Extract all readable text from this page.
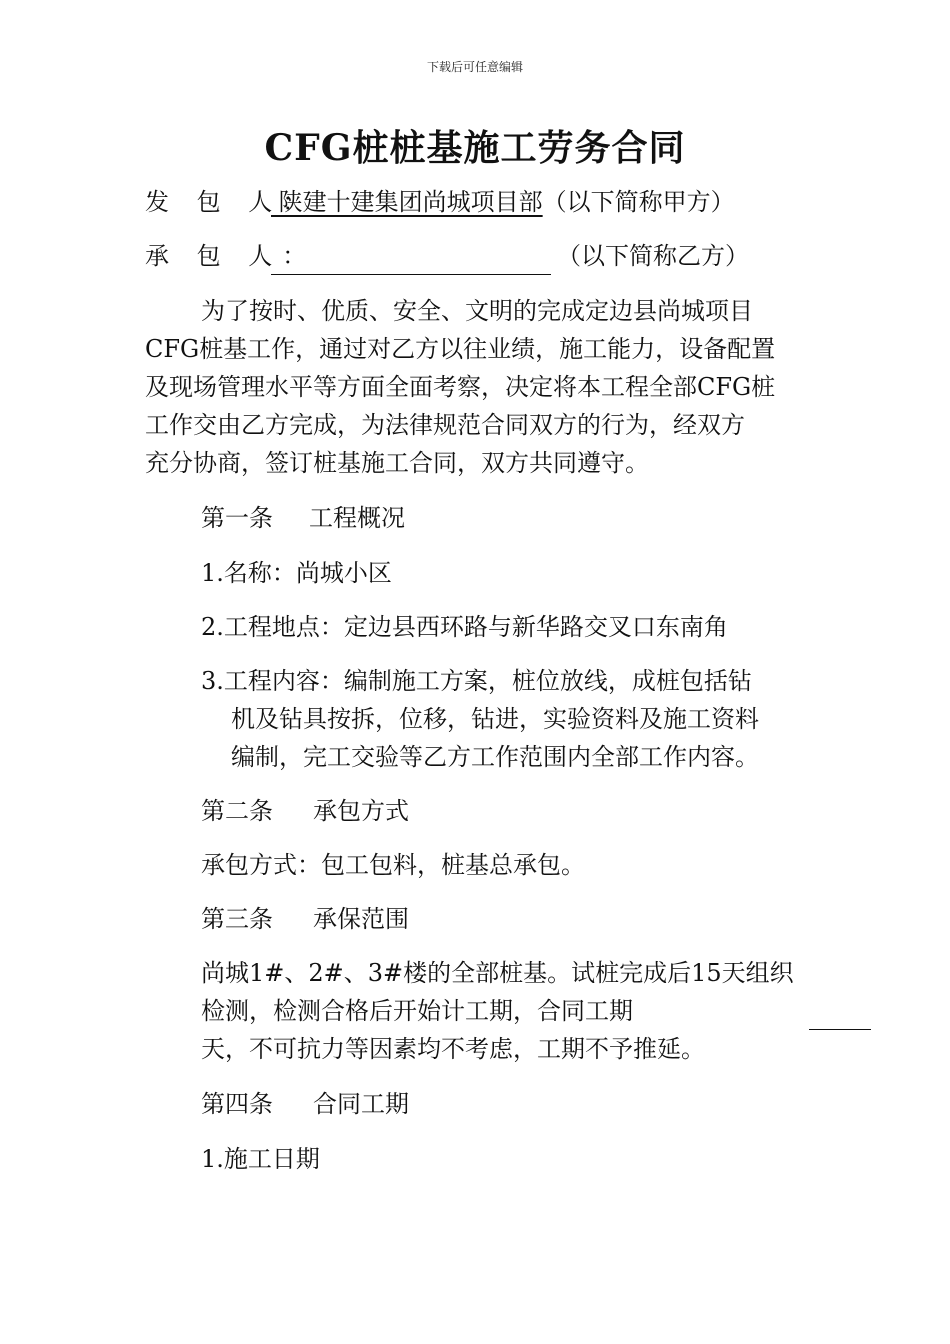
下载后可任意编辑
CFG桩桩基施工劳务合同
发 包 人： 陕建十建集团尚城项目部（以下简称甲方）
承 包 人：	（以下简称乙方）
为了按时、优质、安全、文明的完成定边县尚城项目
CFG桩基工作，通过对乙方以往业绩，施工能力，设备配置
及现场管理水平等方面全面考察，决定将本工程全部CFG桩
工作交由乙方完成，为法律规范合同双方的行为，经双方
充分协商，签订桩基施工合同，双方共同遵守。
第一条 工程概况
1.名称：尚城小区
2.工程地点：定边县西环路与新华路交叉口东南角
3.工程内容：编制施工方案，桩位放线，成桩包括钻
机及钻具按拆，位移，钻进，实验资料及施工资料
编制，完工交验等乙方工作范围内全部工作内容。
第二条 承包方式
承包方式：包工包料，桩基总承包。
第三条 承保范围
尚城1#、2#、3#楼的全部桩基。试桩完成后15天组织
检测，检测合格后开始计工期，合同工期
天，不可抗力等因素均不考虑，工期不予推延。
第四条 合同工期
1.施工日期
